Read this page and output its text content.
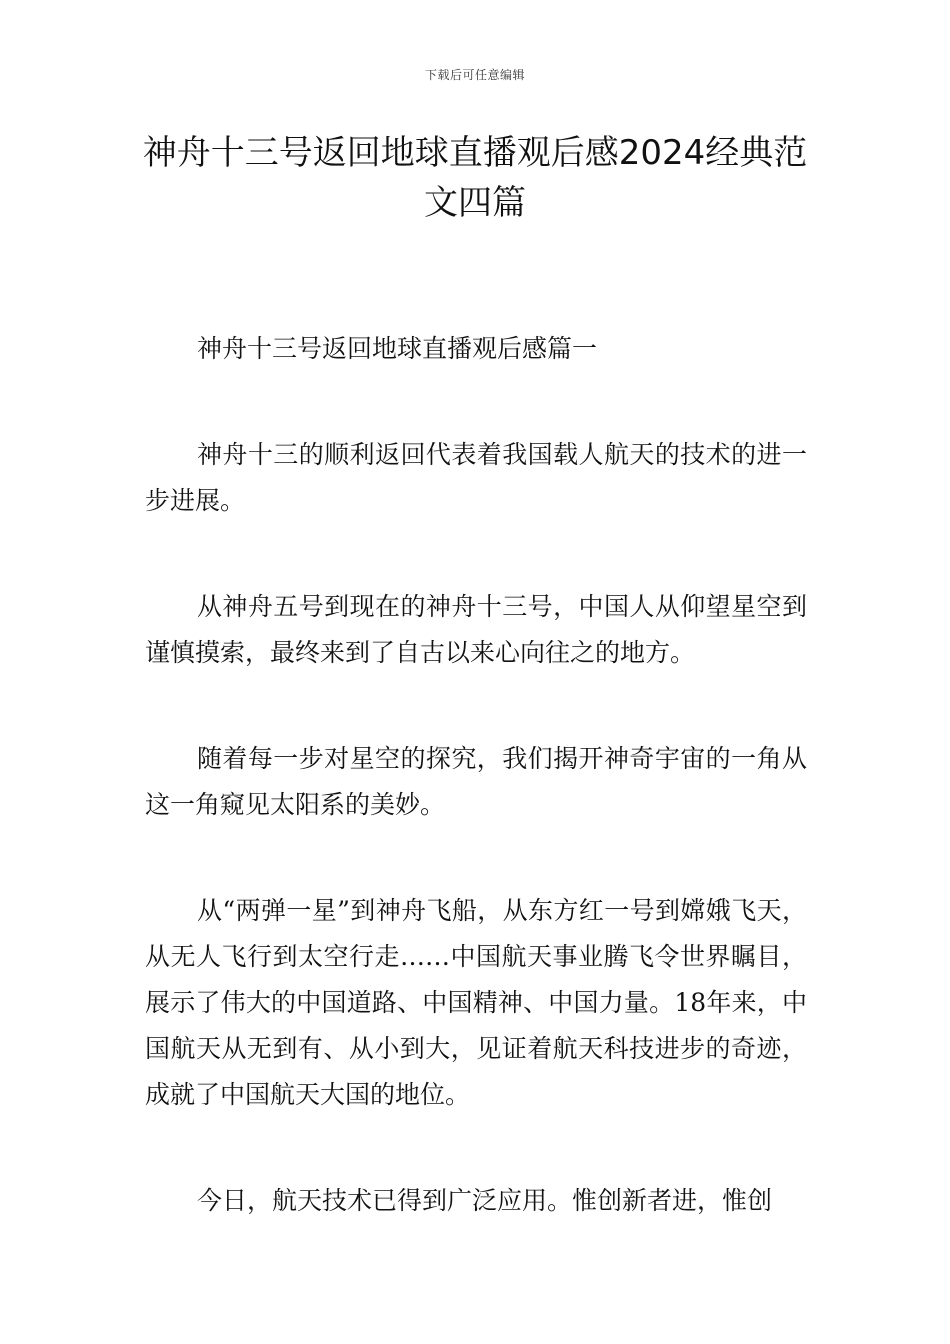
下载后可任意编辑
神舟十三号返回地球直播观后感2024经典范文四篇

神舟十三号返回地球直播观后感篇一

神舟十三的顺利返回代表着我国载人航天的技术的进一步进展。

从神舟五号到现在的神舟十三号，中国人从仰望星空到谨慎摸索，最终来到了自古以来心向往之的地方。

随着每一步对星空的探究，我们揭开神奇宇宙的一角从这一角窥见太阳系的美妙。

从“两弹一星”到神舟飞船，从东方红一号到嫦娥飞天，从无人飞行到太空行走……中国航天事业腾飞令世界瞩目，展示了伟大的中国道路、中国精神、中国力量。18年来，中国航天从无到有、从小到大，见证着航天科技进步的奇迹，成就了中国航天大国的地位。

今日，航天技术已得到广泛应用。惟创新者进，惟创
